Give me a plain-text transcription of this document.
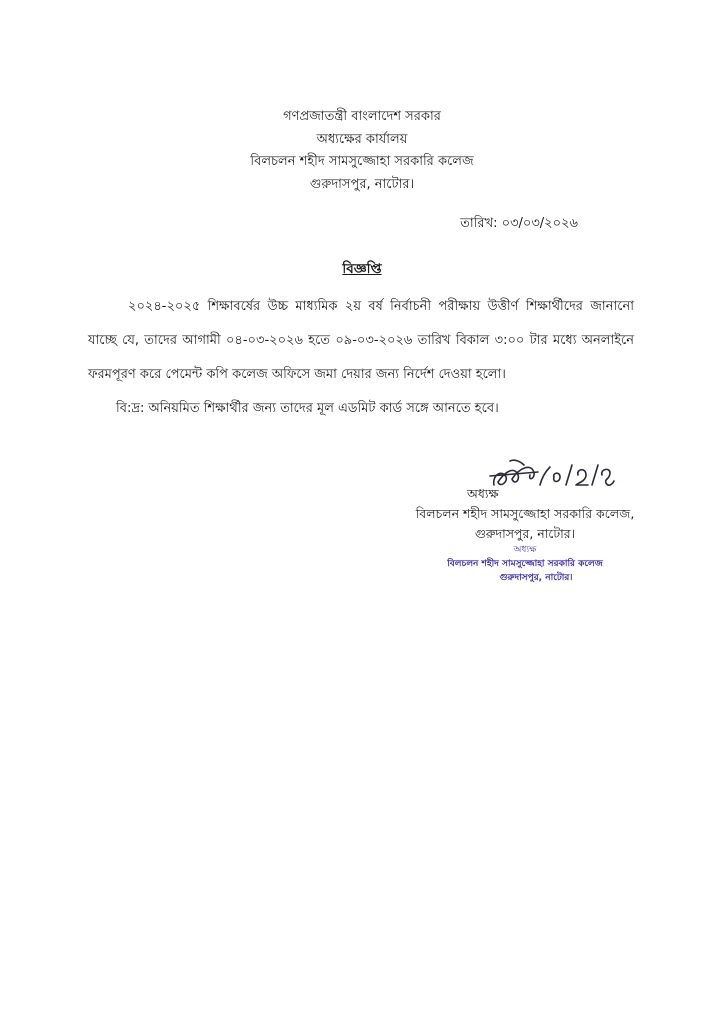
গণপ্রজাতন্ত্রী বাংলাদেশ সরকার
অধ্যক্ষের কার্যালয়
বিলচলন শহীদ সামসুজ্জোহা সরকারি কলেজ
গুরুদাসপুর, নাটোর।
তারিখ: ০৩/০৩/২০২৬
বিজ্ঞপ্তি

২০২৪-২০২৫ শিক্ষাবর্ষের উচ্চ মাধ্যমিক ২য় বর্ষ নির্বাচনী পরীক্ষায় উত্তীর্ণ শিক্ষার্থীদের জানানো যাচ্ছে যে, তাদের আগামী ০৪-০৩-২০২৬ হতে ০৯-০৩-২০২৬ তারিখ বিকাল ৩:০০ টার মধ্যে অনলাইনে ফরমপূরণ করে পেমেন্ট কপি কলেজ অফিসে জমা দেয়ার জন্য নির্দেশ দেওয়া হলো।

বি:দ্র: অনিয়মিত শিক্ষার্থীর জন্য তাদের মূল এডমিট কার্ড সঙ্গে আনতে হবে।

অধ্যক্ষ
বিলচলন শহীদ সামসুজ্জোহা সরকারি কলেজ,
গুরুদাসপুর, নাটোর।
অধ্যক্ষ
বিলচলন শহীদ সামসুজ্জোহা সরকারি কলেজ
গুরুদাসপুর, নাটোর।
